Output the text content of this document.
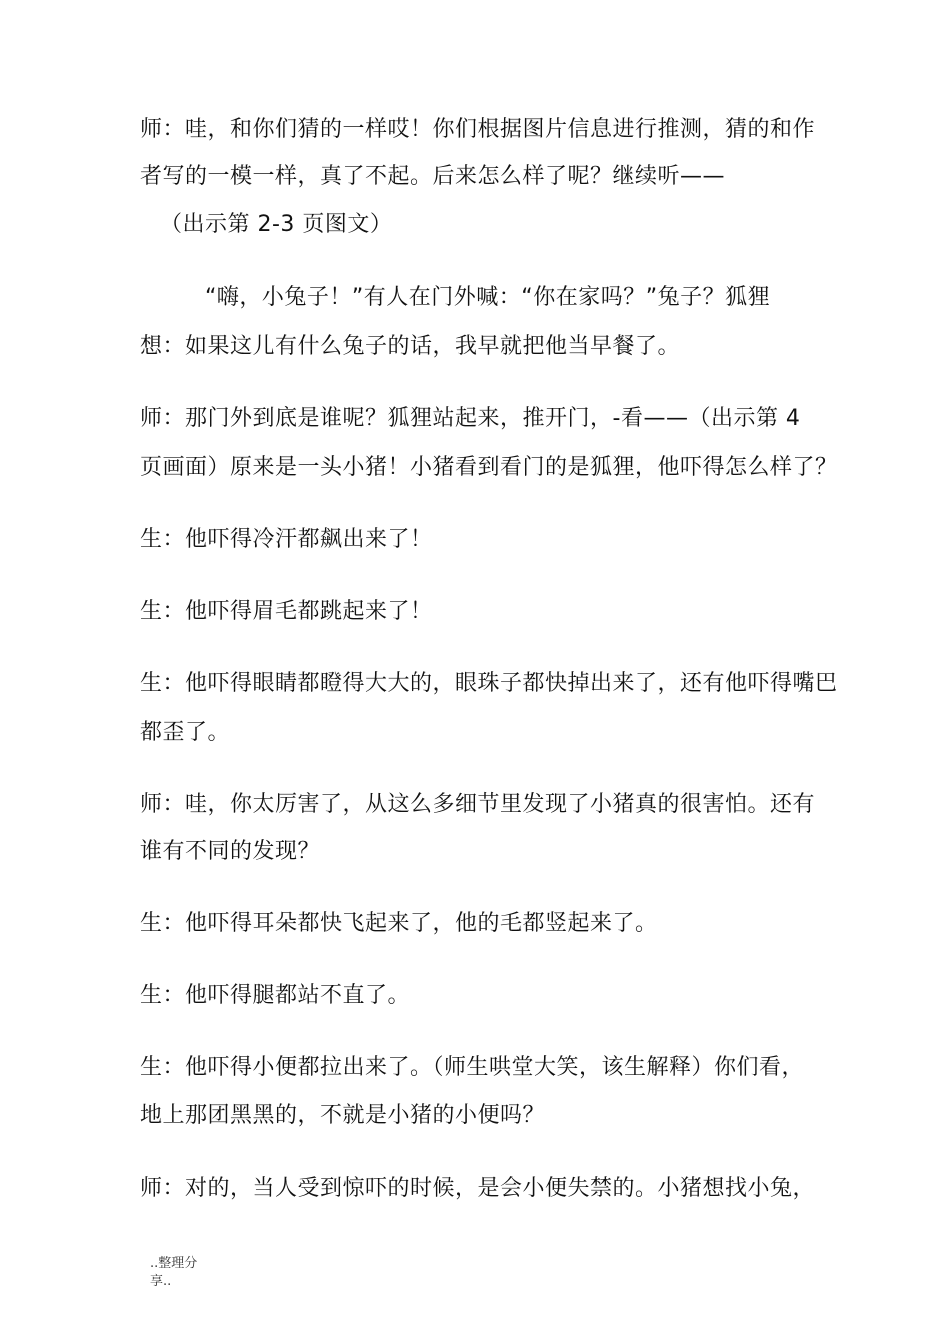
师：哇，和你们猜的一样哎！你们根据图片信息进行推测，猜的和作
者写的一模一样，真了不起。后来怎么样了呢？继续听——
（出示第 2-3 页图文）
“嗨，小兔子！”有人在门外喊：“你在家吗？”兔子？狐狸
想：如果这儿有什么兔子的话，我早就把他当早餐了。
师：那门外到底是谁呢？狐狸站起来，推开门，-看——（出示第 4
页画面）原来是一头小猪！小猪看到看门的是狐狸，他吓得怎么样了？
生：他吓得冷汗都飙出来了！
生：他吓得眉毛都跳起来了！
生：他吓得眼睛都瞪得大大的，眼珠子都快掉出来了，还有他吓得嘴巴
都歪了。
师：哇，你太厉害了，从这么多细节里发现了小猪真的很害怕。还有
谁有不同的发现？
生：他吓得耳朵都快飞起来了，他的毛都竖起来了。
生：他吓得腿都站不直了。
生：他吓得小便都拉出来了。（师生哄堂大笑，该生解释）你们看，
地上那团黑黑的，不就是小猪的小便吗？
师：对的，当人受到惊吓的时候，是会小便失禁的。小猪想找小兔，
..整理分
享..
